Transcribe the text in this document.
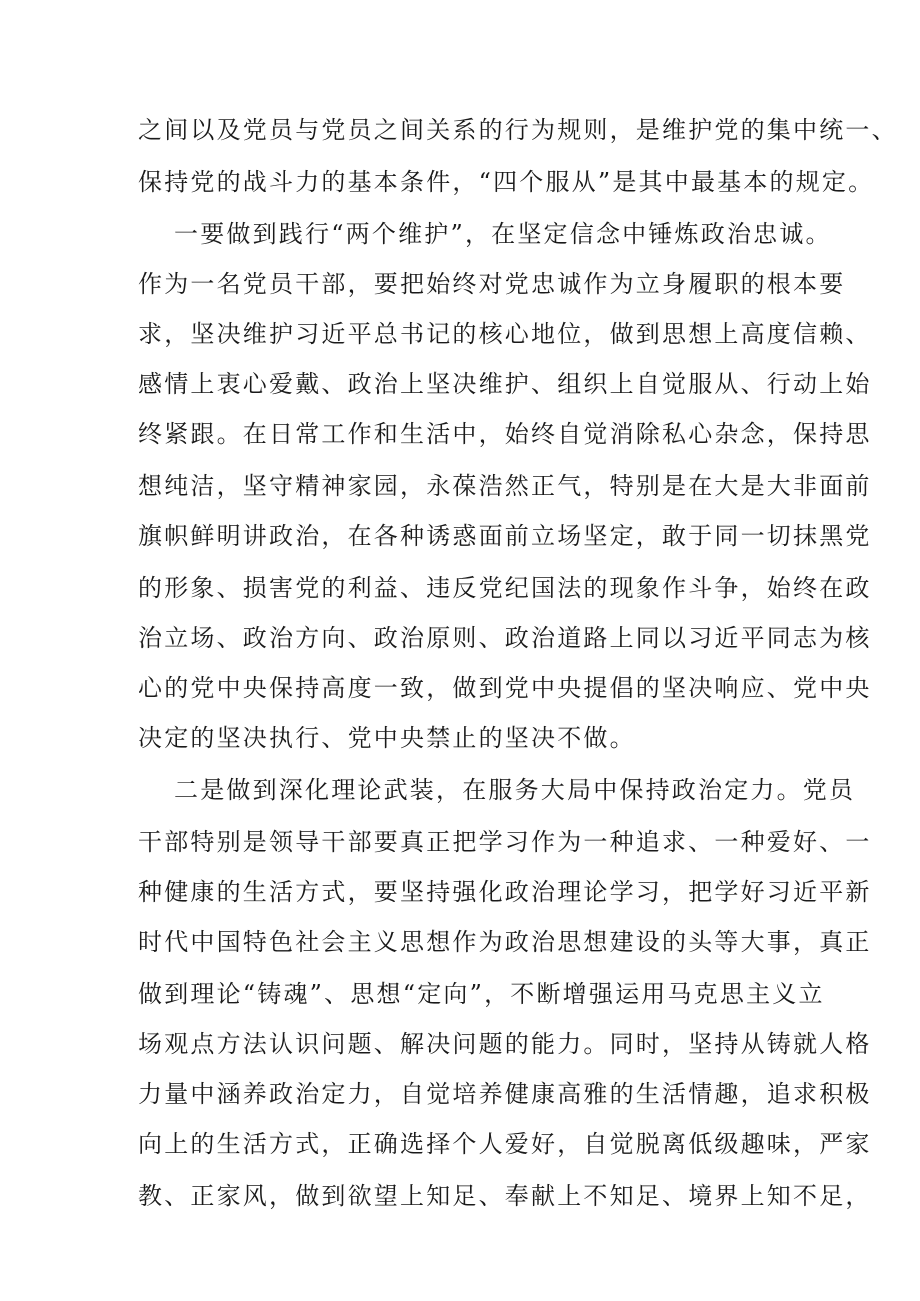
之间以及党员与党员之间关系的行为规则，是维护党的集中统一、
保持党的战斗力的基本条件，“四个服从”是其中最基本的规定。
一要做到践行“两个维护”，在坚定信念中锤炼政治忠诚。
作为一名党员干部，要把始终对党忠诚作为立身履职的根本要
求，坚决维护习近平总书记的核心地位，做到思想上高度信赖、
感情上衷心爱戴、政治上坚决维护、组织上自觉服从、行动上始
终紧跟。在日常工作和生活中，始终自觉消除私心杂念，保持思
想纯洁，坚守精神家园，永葆浩然正气，特别是在大是大非面前
旗帜鲜明讲政治，在各种诱惑面前立场坚定，敢于同一切抹黑党
的形象、损害党的利益、违反党纪国法的现象作斗争，始终在政
治立场、政治方向、政治原则、政治道路上同以习近平同志为核
心的党中央保持高度一致，做到党中央提倡的坚决响应、党中央
决定的坚决执行、党中央禁止的坚决不做。
二是做到深化理论武装，在服务大局中保持政治定力。党员
干部特别是领导干部要真正把学习作为一种追求、一种爱好、一
种健康的生活方式，要坚持强化政治理论学习，把学好习近平新
时代中国特色社会主义思想作为政治思想建设的头等大事，真正
做到理论“铸魂”、思想“定向”，不断增强运用马克思主义立
场观点方法认识问题、解决问题的能力。同时，坚持从铸就人格
力量中涵养政治定力，自觉培养健康高雅的生活情趣，追求积极
向上的生活方式，正确选择个人爱好，自觉脱离低级趣味，严家
教、正家风，做到欲望上知足、奉献上不知足、境界上知不足，
